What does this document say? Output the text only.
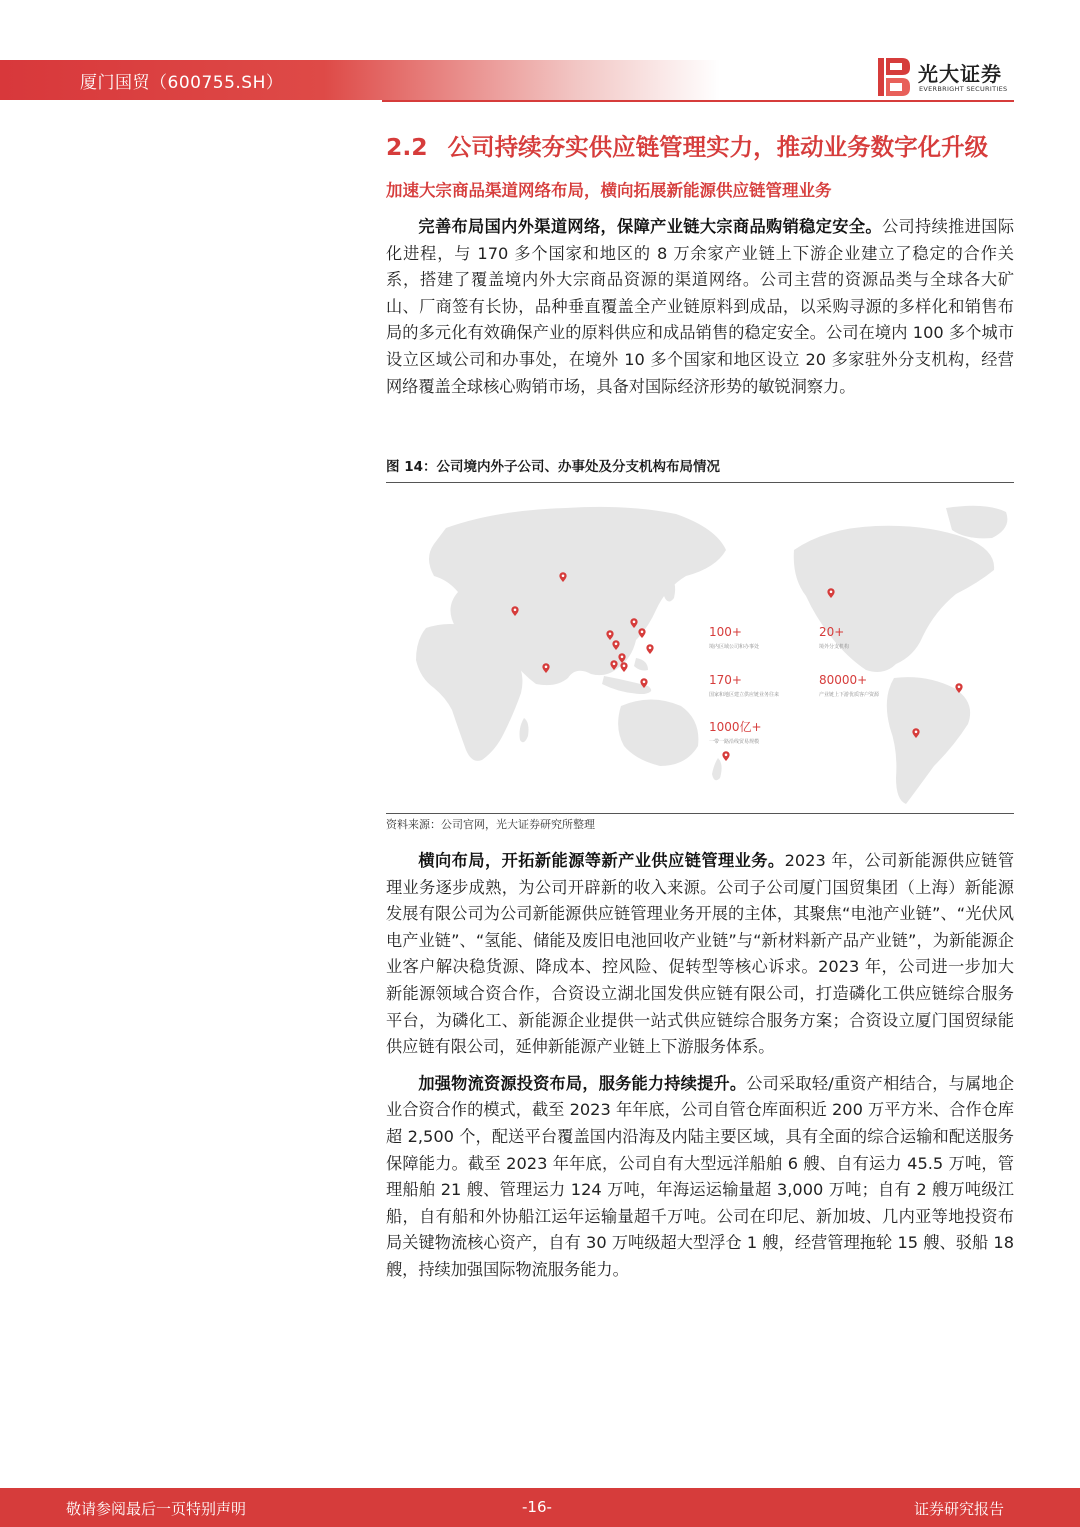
厦门国贸（600755.SH）	光大证券
EVERBRIGHT SECURITIES
2.2 公司持续夯实供应链管理实力，推动业务数字化升级

加速大宗商品渠道网络布局，横向拓展新能源供应链管理业务

完善布局国内外渠道网络，保障产业链大宗商品购销稳定安全。公司持续推进国际化进程，与 170 多个国家和地区的 8 万余家产业链上下游企业建立了稳定的合作关系，搭建了覆盖境内外大宗商品资源的渠道网络。公司主营的资源品类与全球各大矿山、厂商签有长协，品种垂直覆盖全产业链原料到成品，以采购寻源的多样化和销售布局的多元化有效确保产业的原料供应和成品销售的稳定安全。公司在境内 100 多个城市设立区域公司和办事处，在境外 10 多个国家和地区设立 20 多家驻外分支机构，经营网络覆盖全球核心购销市场，具备对国际经济形势的敏锐洞察力。

图 14：公司境内外子公司、办事处及分支机构布局情况
100+
境内区域公司和办事处
20+
境外分支机构
170+
国家和地区建立供应链业务往来
80000+
产业链上下游优质客户资源
1000亿+
一带一路沿线贸易规模
资料来源：公司官网，光大证券研究所整理

横向布局，开拓新能源等新产业供应链管理业务。2023 年，公司新能源供应链管理业务逐步成熟，为公司开辟新的收入来源。公司子公司厦门国贸集团（上海）新能源发展有限公司为公司新能源供应链管理业务开展的主体，其聚焦“电池产业链”、“光伏风电产业链”、“氢能、储能及废旧电池回收产业链”与“新材料新产品产业链”，为新能源企业客户解决稳货源、降成本、控风险、促转型等核心诉求。2023 年，公司进一步加大新能源领域合资合作，合资设立湖北国发供应链有限公司，打造磷化工供应链综合服务平台，为磷化工、新能源企业提供一站式供应链综合服务方案；合资设立厦门国贸绿能供应链有限公司，延伸新能源产业链上下游服务体系。

加强物流资源投资布局，服务能力持续提升。公司采取轻/重资产相结合，与属地企业合资合作的模式，截至 2023 年年底，公司自管仓库面积近 200 万平方米、合作仓库超 2,500 个，配送平台覆盖国内沿海及内陆主要区域，具有全面的综合运输和配送服务保障能力。截至 2023 年年底，公司自有大型远洋船舶 6 艘、自有运力 45.5 万吨，管理船舶 21 艘、管理运力 124 万吨，年海运运输量超 3,000 万吨；自有 2 艘万吨级江船，自有船和外协船江运年运输量超千万吨。公司在印尼、新加坡、几内亚等地投资布局关键物流核心资产，自有 30 万吨级超大型浮仓 1 艘，经营管理拖轮 15 艘、驳船 18 艘，持续加强国际物流服务能力。

敬请参阅最后一页特别声明	-16-	证券研究报告
